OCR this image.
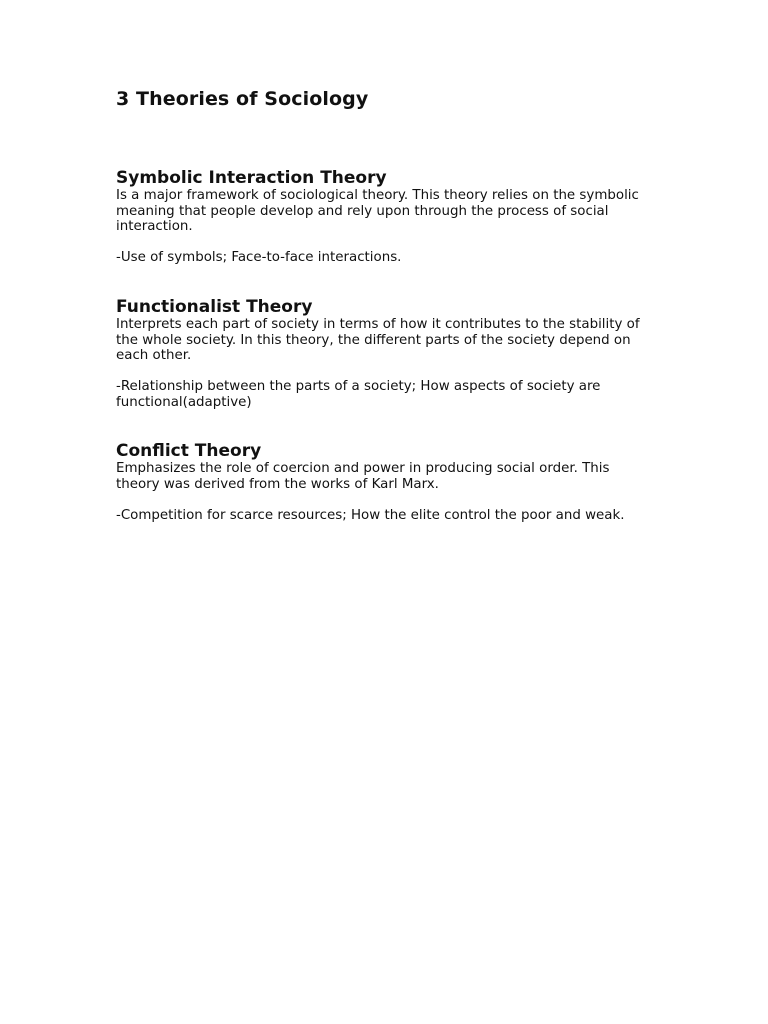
3 Theories of Sociology
Symbolic Interaction Theory

Is a major framework of sociological theory. This theory relies on the symbolic meaning that people develop and rely upon through the process of social interaction.

-Use of symbols; Face-to-face interactions.

Functionalist Theory

Interprets each part of society in terms of how it contributes to the stability of the whole society. In this theory, the different parts of the society depend on each other.

-Relationship between the parts of a society; How aspects of society are functional(adaptive)

Conflict Theory

Emphasizes the role of coercion and power in producing social order. This theory was derived from the works of Karl Marx.

-Competition for scarce resources; How the elite control the poor and weak.
